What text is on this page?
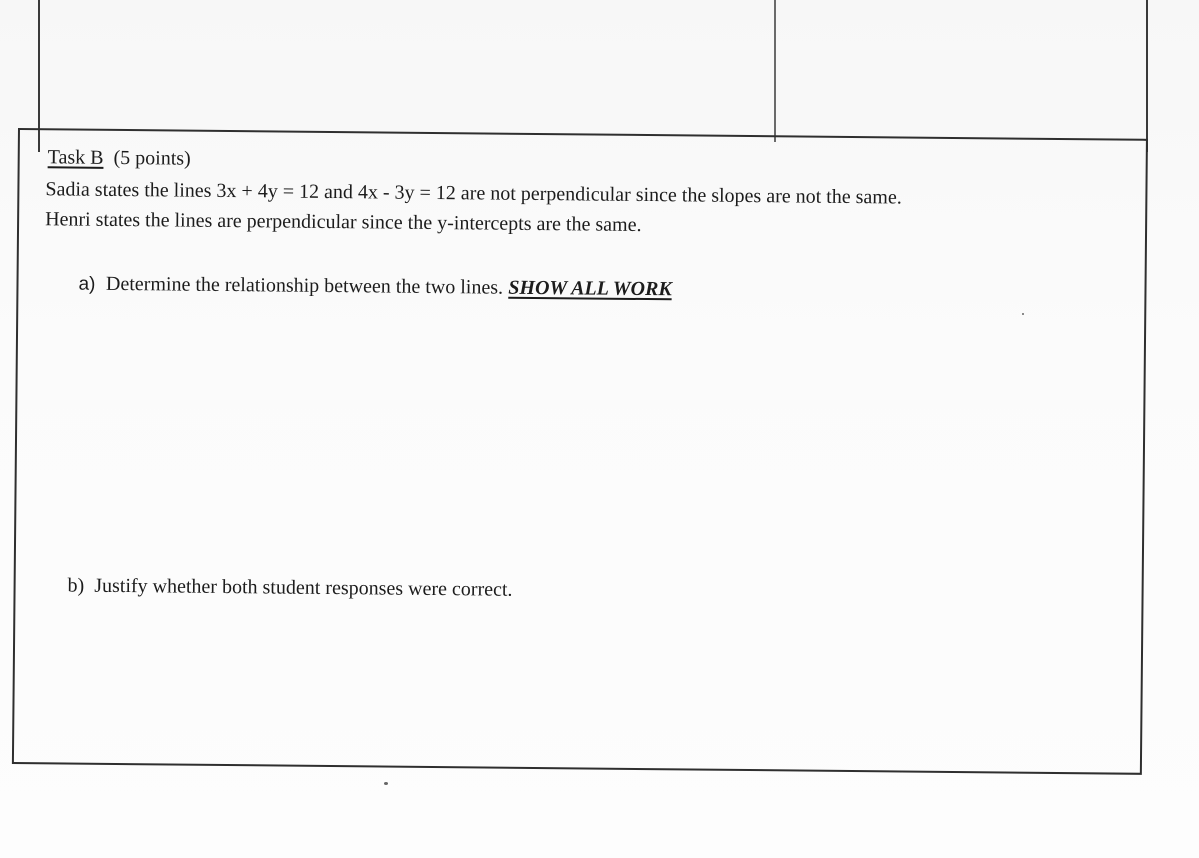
Task B (5 points)
Sadia states the lines 3x + 4y = 12 and 4x - 3y = 12 are not perpendicular since the slopes are not the same.
Henri states the lines are perpendicular since the y-intercepts are the same.
a) Determine the relationship between the two lines. SHOW ALL WORK
b) Justify whether both student responses were correct.
